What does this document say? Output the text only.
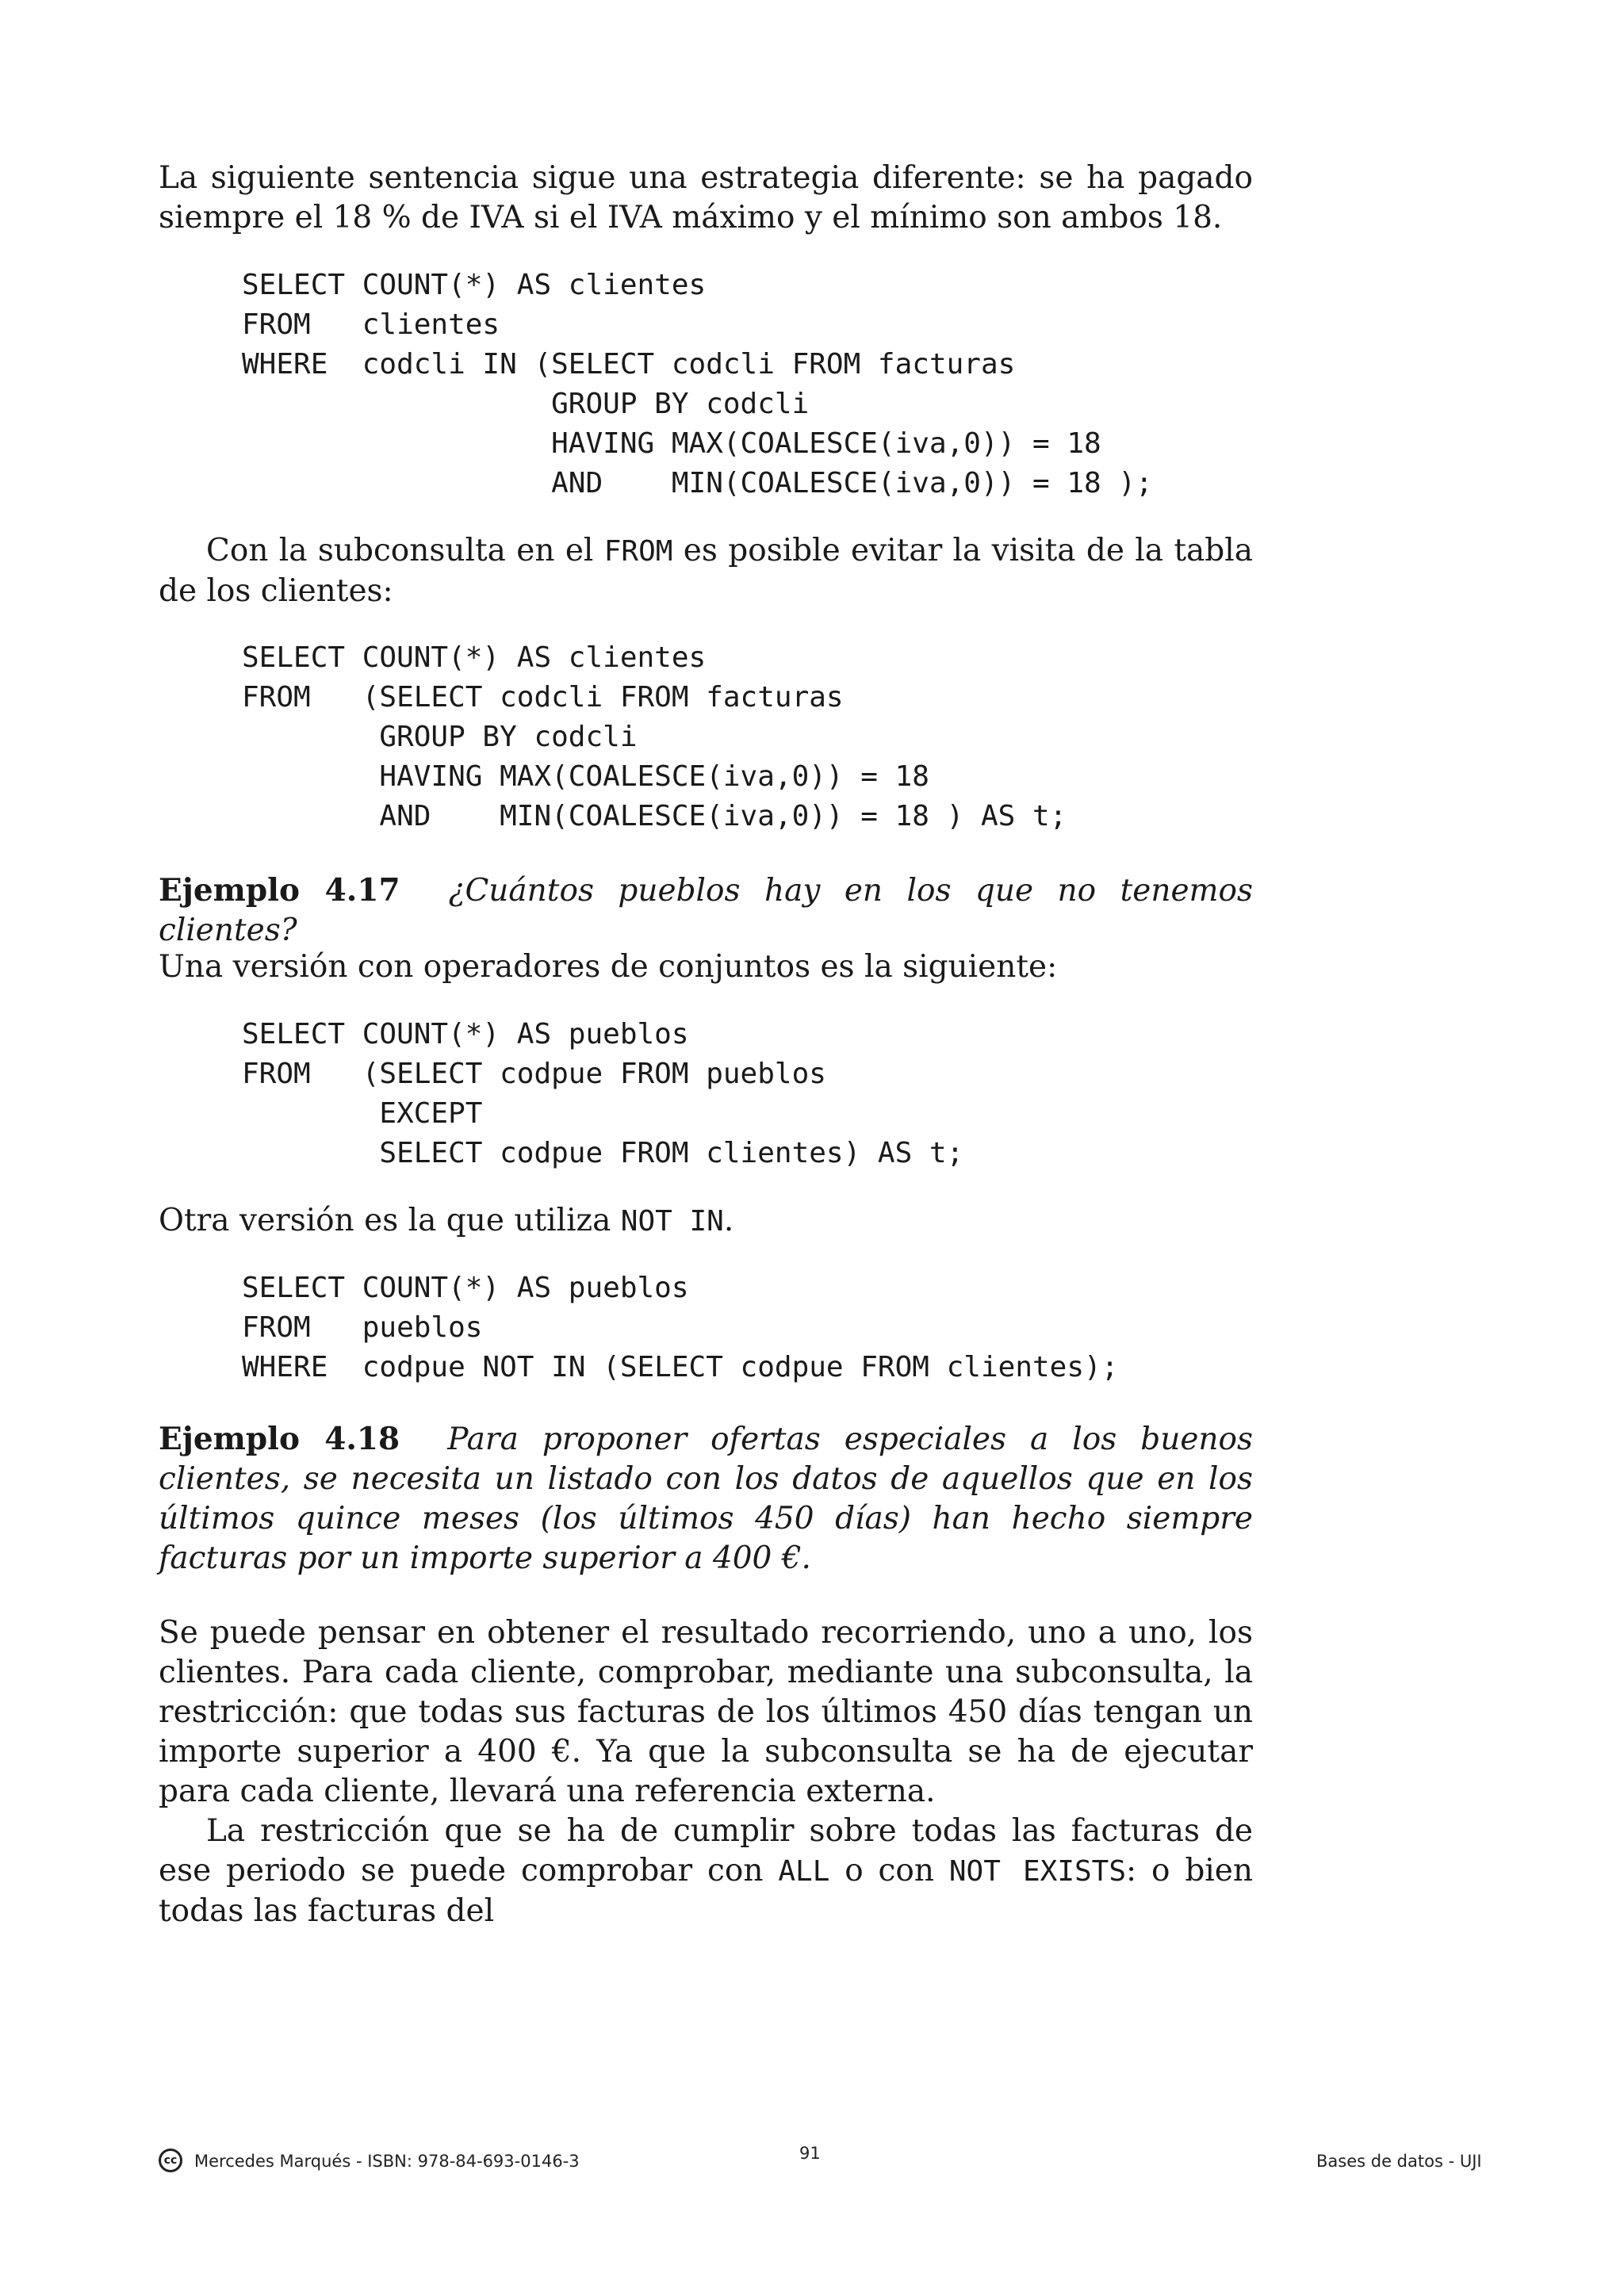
La siguiente sentencia sigue una estrategia diferente: se ha pagado siempre el 18 % de IVA si el IVA máximo y el mínimo son ambos 18.
SELECT COUNT(*) AS clientes
FROM   clientes
WHERE  codcli IN (SELECT codcli FROM facturas
GROUP BY codcli
HAVING MAX(COALESCE(iva,0)) = 18
AND    MIN(COALESCE(iva,0)) = 18 );
Con la subconsulta en el FROM es posible evitar la visita de la tabla de los clientes:
SELECT COUNT(*) AS clientes
FROM   (SELECT codcli FROM facturas
GROUP BY codcli
HAVING MAX(COALESCE(iva,0)) = 18
AND    MIN(COALESCE(iva,0)) = 18 ) AS t;
Ejemplo 4.17 ¿Cuántos pueblos hay en los que no tenemos clientes?
Una versión con operadores de conjuntos es la siguiente:
SELECT COUNT(*) AS pueblos
FROM   (SELECT codpue FROM pueblos
EXCEPT
SELECT codpue FROM clientes) AS t;
Otra versión es la que utiliza NOT IN.
SELECT COUNT(*) AS pueblos
FROM   pueblos
WHERE  codpue NOT IN (SELECT codpue FROM clientes);
Ejemplo 4.18 Para proponer ofertas especiales a los buenos clientes, se necesita un listado con los datos de aquellos que en los últimos quince meses (los últimos 450 días) han hecho siempre facturas por un importe superior a 400 €.
Se puede pensar en obtener el resultado recorriendo, uno a uno, los clientes. Para cada cliente, comprobar, mediante una subconsulta, la restricción: que todas sus facturas de los últimos 450 días tengan un importe superior a 400 €. Ya que la subconsulta se ha de ejecutar para cada cliente, llevará una referencia externa.
La restricción que se ha de cumplir sobre todas las facturas de ese periodo se puede comprobar con ALL o con NOT EXISTS: o bien todas las facturas del
cc	Mercedes Marqués - ISBN: 978-84-693-0146-3	91	Bases de datos - UJI
